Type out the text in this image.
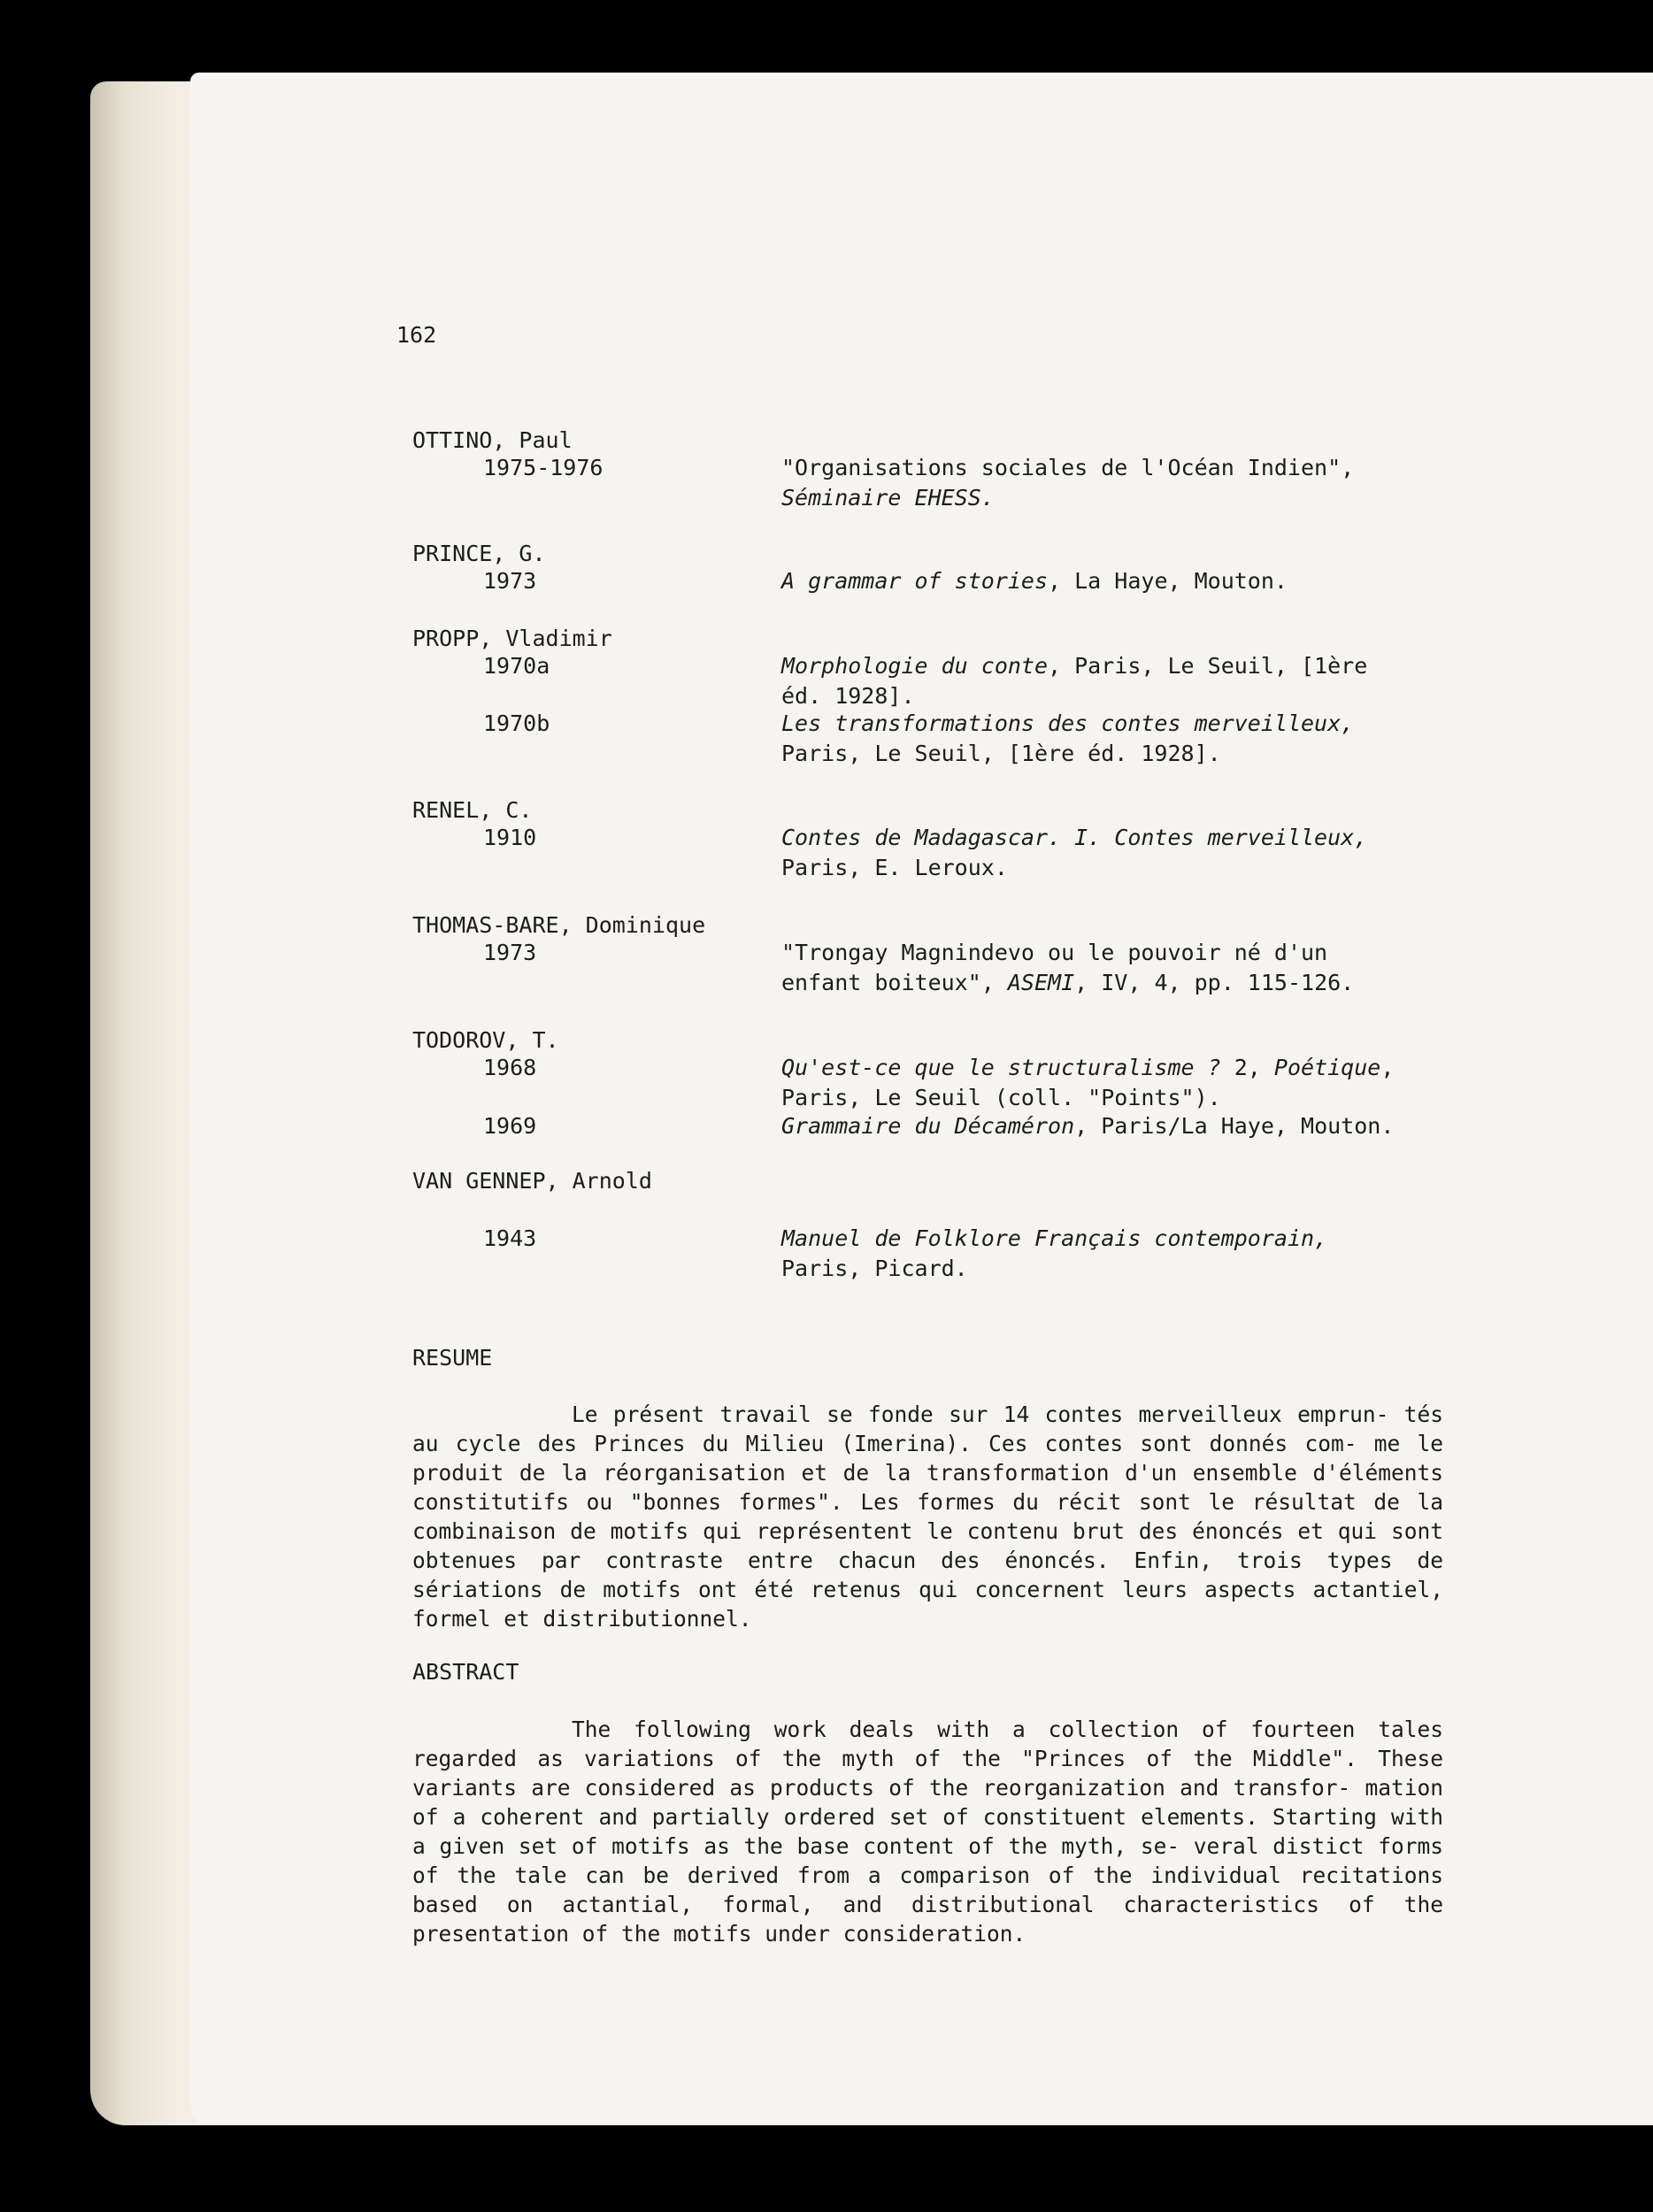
162
OTTINO, Paul
1975-1976	"Organisations sociales de l'Océan Indien",
Séminaire EHESS.
PRINCE, G.
1973	A grammar of stories, La Haye, Mouton.
PROPP, Vladimir
1970a	Morphologie du conte, Paris, Le Seuil, [1ère
éd. 1928].
1970b	Les transformations des contes merveilleux,
Paris, Le Seuil, [1ère éd. 1928].
RENEL, C.
1910	Contes de Madagascar. I. Contes merveilleux,
Paris, E. Leroux.
THOMAS-BARE, Dominique
1973	"Trongay Magnindevo ou le pouvoir né d'un
enfant boiteux", ASEMI, IV, 4, pp. 115-126.
TODOROV, T.
1968	Qu'est-ce que le structuralisme ? 2, Poétique,
Paris, Le Seuil (coll. "Points").
1969	Grammaire du Décaméron, Paris/La Haye, Mouton.
VAN GENNEP, Arnold
1943	Manuel de Folklore Français contemporain,
Paris, Picard.
RESUME

Le présent travail se fonde sur 14 contes merveilleux emprun- tés au cycle des Princes du Milieu (Imerina). Ces contes sont donnés com- me le produit de la réorganisation et de la transformation d'un ensemble d'éléments constitutifs ou "bonnes formes". Les formes du récit sont le résultat de la combinaison de motifs qui représentent le contenu brut des énoncés et qui sont obtenues par contraste entre chacun des énoncés. Enfin, trois types de sériations de motifs ont été retenus qui concernent leurs aspects actantiel, formel et distributionnel.

ABSTRACT

The following work deals with a collection of fourteen tales regarded as variations of the myth of the "Princes of the Middle". These variants are considered as products of the reorganization and transfor- mation of a coherent and partially ordered set of constituent elements. Starting with a given set of motifs as the base content of the myth, se- veral distict forms of the tale can be derived from a comparison of the individual recitations based on actantial, formal, and distributional characteristics of the presentation of the motifs under consideration.
